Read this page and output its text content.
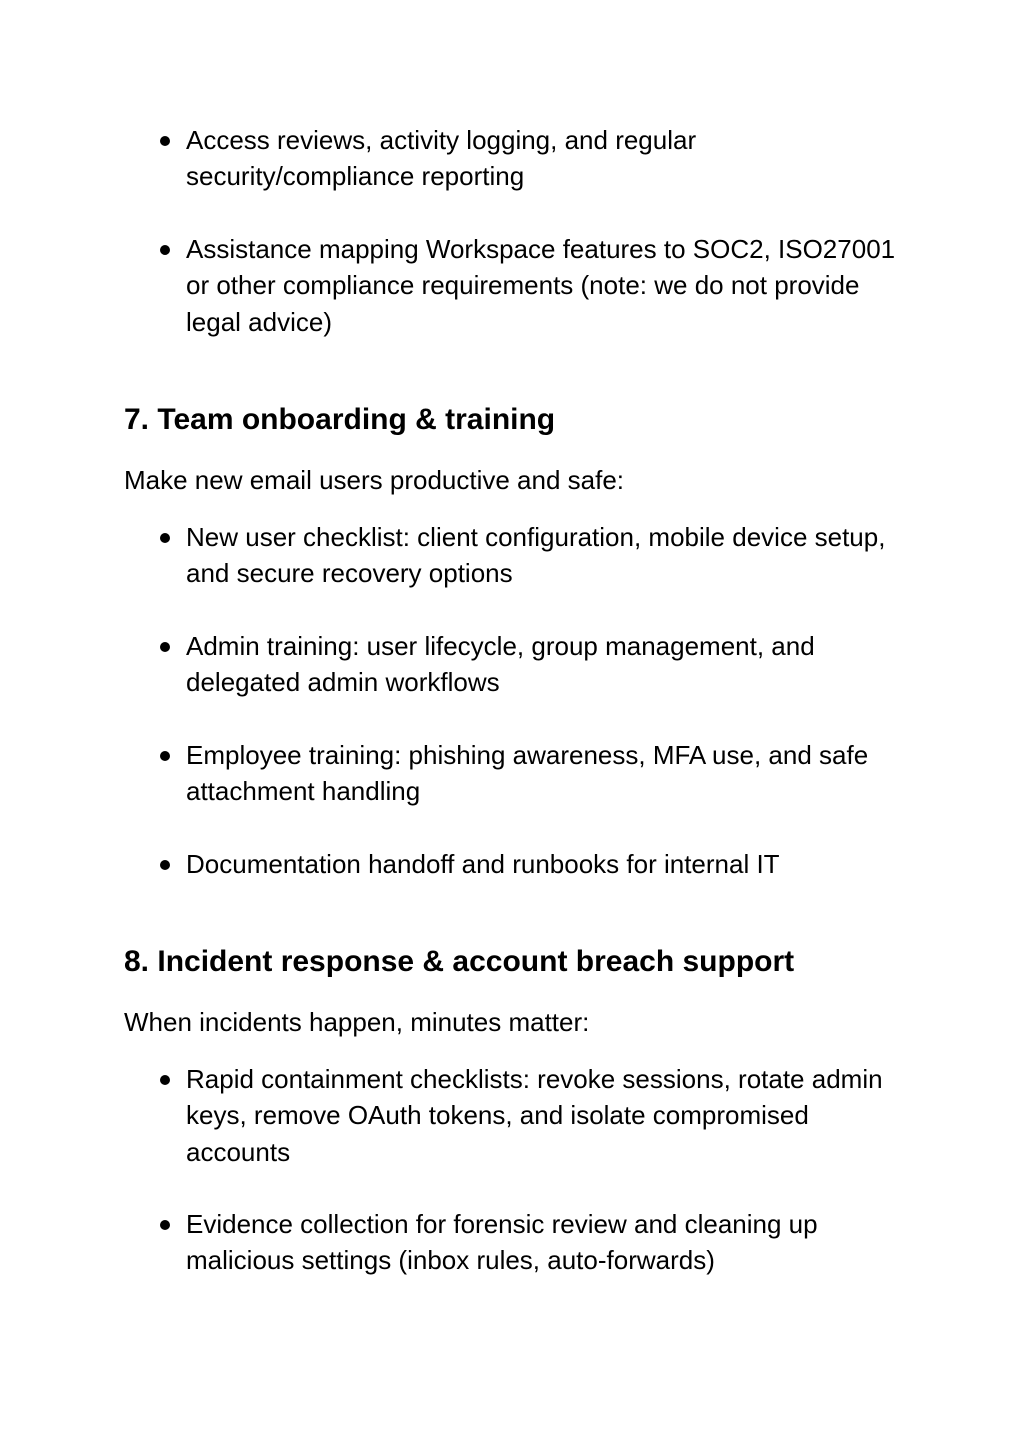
Access reviews, activity logging, and regular security/compliance reporting
Assistance mapping Workspace features to SOC2, ISO27001 or other compliance requirements (note: we do not provide legal advice)
7. Team onboarding & training

Make new email users productive and safe:

New user checklist: client configuration, mobile device setup, and secure recovery options
Admin training: user lifecycle, group management, and delegated admin workflows
Employee training: phishing awareness, MFA use, and safe attachment handling
Documentation handoff and runbooks for internal IT
8. Incident response & account breach support

When incidents happen, minutes matter:

Rapid containment checklists: revoke sessions, rotate admin keys, remove OAuth tokens, and isolate compromised accounts
Evidence collection for forensic review and cleaning up malicious settings (inbox rules, auto-forwards)
